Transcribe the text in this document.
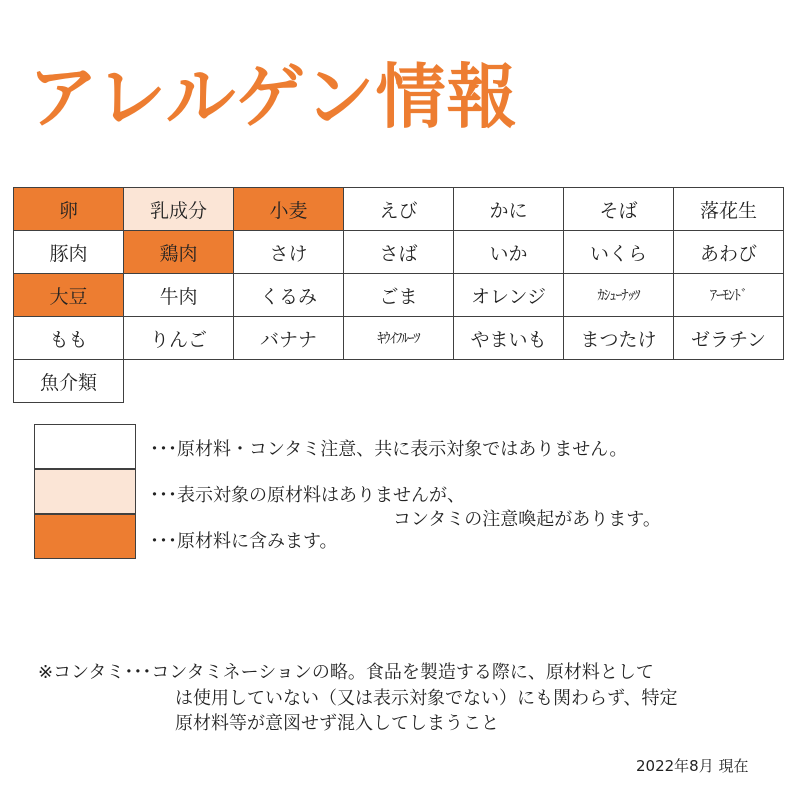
アレルゲン情報
卵	乳成分	小麦	えび	かに	そば	落花生
豚肉	鶏肉	さけ	さば	いか	いくら	あわび
大豆	牛肉	くるみ	ごま	オレンジ	ｶｼｭｰﾅｯﾂ	ｱｰﾓﾝﾄﾞ
もも	りんご	バナナ	ｷｳｲﾌﾙｰﾂ	やまいも	まつたけ	ゼラチン
魚介類						
･･･原材料・コンタミ注意、共に表示対象ではありません。
･･･表示対象の原材料はありませんが、
コンタミの注意喚起があります。
･･･原材料に含みます。
※コンタミ･･･コンタミネーションの略。食品を製造する際に、原材料として
は使用していない（又は表示対象でない）にも関わらず、特定
原材料等が意図せず混入してしまうこと
2022年8月 現在
